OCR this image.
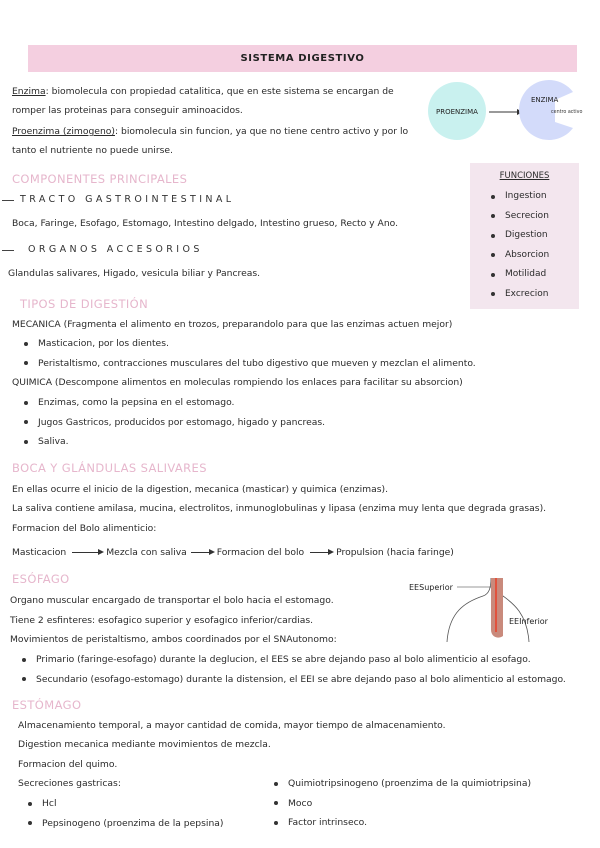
SISTEMA DIGESTIVO
Enzima: biomolecula con propiedad catalitica, que en este sistema se encargan de romper las proteinas para conseguir aminoacidos.
Proenzima (zimogeno): biomolecula sin funcion, ya que no tiene centro activo y por lo tanto el nutriente no puede unirse.
PROENZIMA
ENZIMA
centro activo
FUNCIONES
Ingestion
Secrecion
Digestion
Absorcion
Motilidad
Excrecion
COMPONENTES PRINCIPALES
TRACTO GASTROINTESTINAL
Boca, Faringe, Esofago, Estomago, Intestino delgado, Intestino grueso, Recto y Ano.
ORGANOS ACCESORIOS
Glandulas salivares, Higado, vesicula biliar y Pancreas.
TIPOS DE DIGESTIÓN
MECANICA (Fragmenta el alimento en trozos, preparandolo para que las enzimas actuen mejor)
Masticacion, por los dientes.
Peristaltismo, contracciones musculares del tubo digestivo que mueven y mezclan el alimento.
QUIMICA (Descompone alimentos en moleculas rompiendo los enlaces para facilitar su absorcion)
Enzimas, como la pepsina en el estomago.
Jugos Gastricos, producidos por estomago, higado y pancreas.
Saliva.
BOCA Y GLÁNDULAS SALIVARES
En ellas ocurre el inicio de la digestion, mecanica (masticar) y quimica (enzimas).
La saliva contiene amilasa, mucina, electrolitos, inmunoglobulinas y lipasa (enzima muy lenta que degrada grasas).
Formacion del Bolo alimenticio:
Masticacion	Mezcla con saliva	Formacion del bolo	Propulsion (hacia faringe)
ESÓFAGO
Organo muscular encargado de transportar el bolo hacia el estomago.
Tiene 2 esfinteres: esofagico superior y esofagico inferior/cardias.
Movimientos de peristaltismo, ambos coordinados por el SNAutonomo:
Primario (faringe-esofago) durante la deglucion, el EES se abre dejando paso al bolo alimenticio al esofago.
Secundario (esofago-estomago) durante la distension, el EEI se abre dejando paso al bolo alimenticio al estomago.
EESuperior
EEInferior
ESTÓMAGO
Almacenamiento temporal, a mayor cantidad de comida, mayor tiempo de almacenamiento.
Digestion mecanica mediante movimientos de mezcla.
Formacion del quimo.
Secreciones gastricas:
Hcl
Pepsinogeno (proenzima de la pepsina)
Quimiotripsinogeno (proenzima de la quimiotripsina)
Moco
Factor intrinseco.
